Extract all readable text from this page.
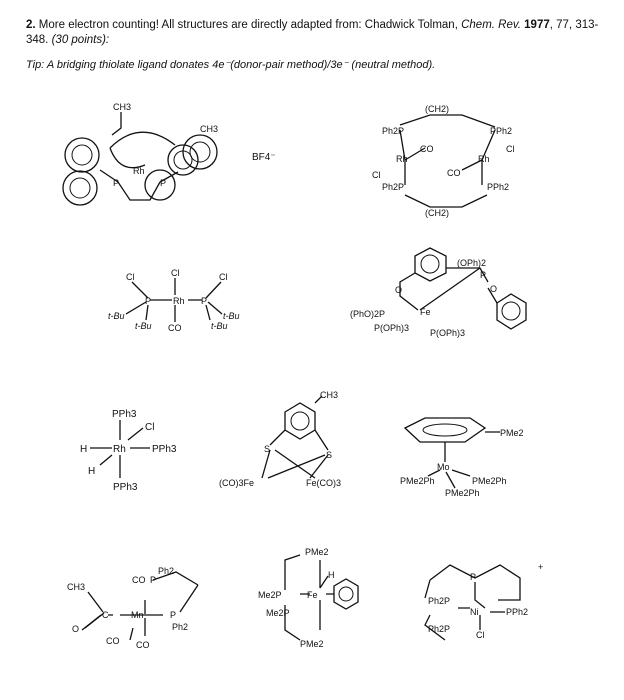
2. More electron counting! All structures are directly adapted from: Chadwick Tolman, Chem. Rev. 1977, 77, 313-348. (30 points):
Tip: A bridging thiolate ligand donates 4e⁻(donor-pair method)/3e⁻ (neutral method).
CH3
CH3
Rh
P	P
BF4⁻
(CH2)
(CH2)
Ph2P	PPh2
CO
CO
Rh	Rh
Cl
Cl
Ph2P	PPh2
Cl	Cl	Cl
P Rh P
t-Bu
t-Bu
t-Bu
t-Bu
CO
(OPh)2
P
O	O
(PhO)2P	Fe
P(OPh)3 P(OPh)3
PPh3
Cl
H	Rh	PPh3
H
PPh3
CH3
S
S
(CO)3Fe	Fe(CO)3
PMe2
Mo
PMe2Ph	PMe2Ph
PMe2Ph
CH3
CO P
Ph2
C	Mn	P
Ph2
O
CO CO
PMe2
H
Me2P	Fe
Me2P
PMe2
+
P
Ph2P
Ni	PPh2
Ph2P
Cl
